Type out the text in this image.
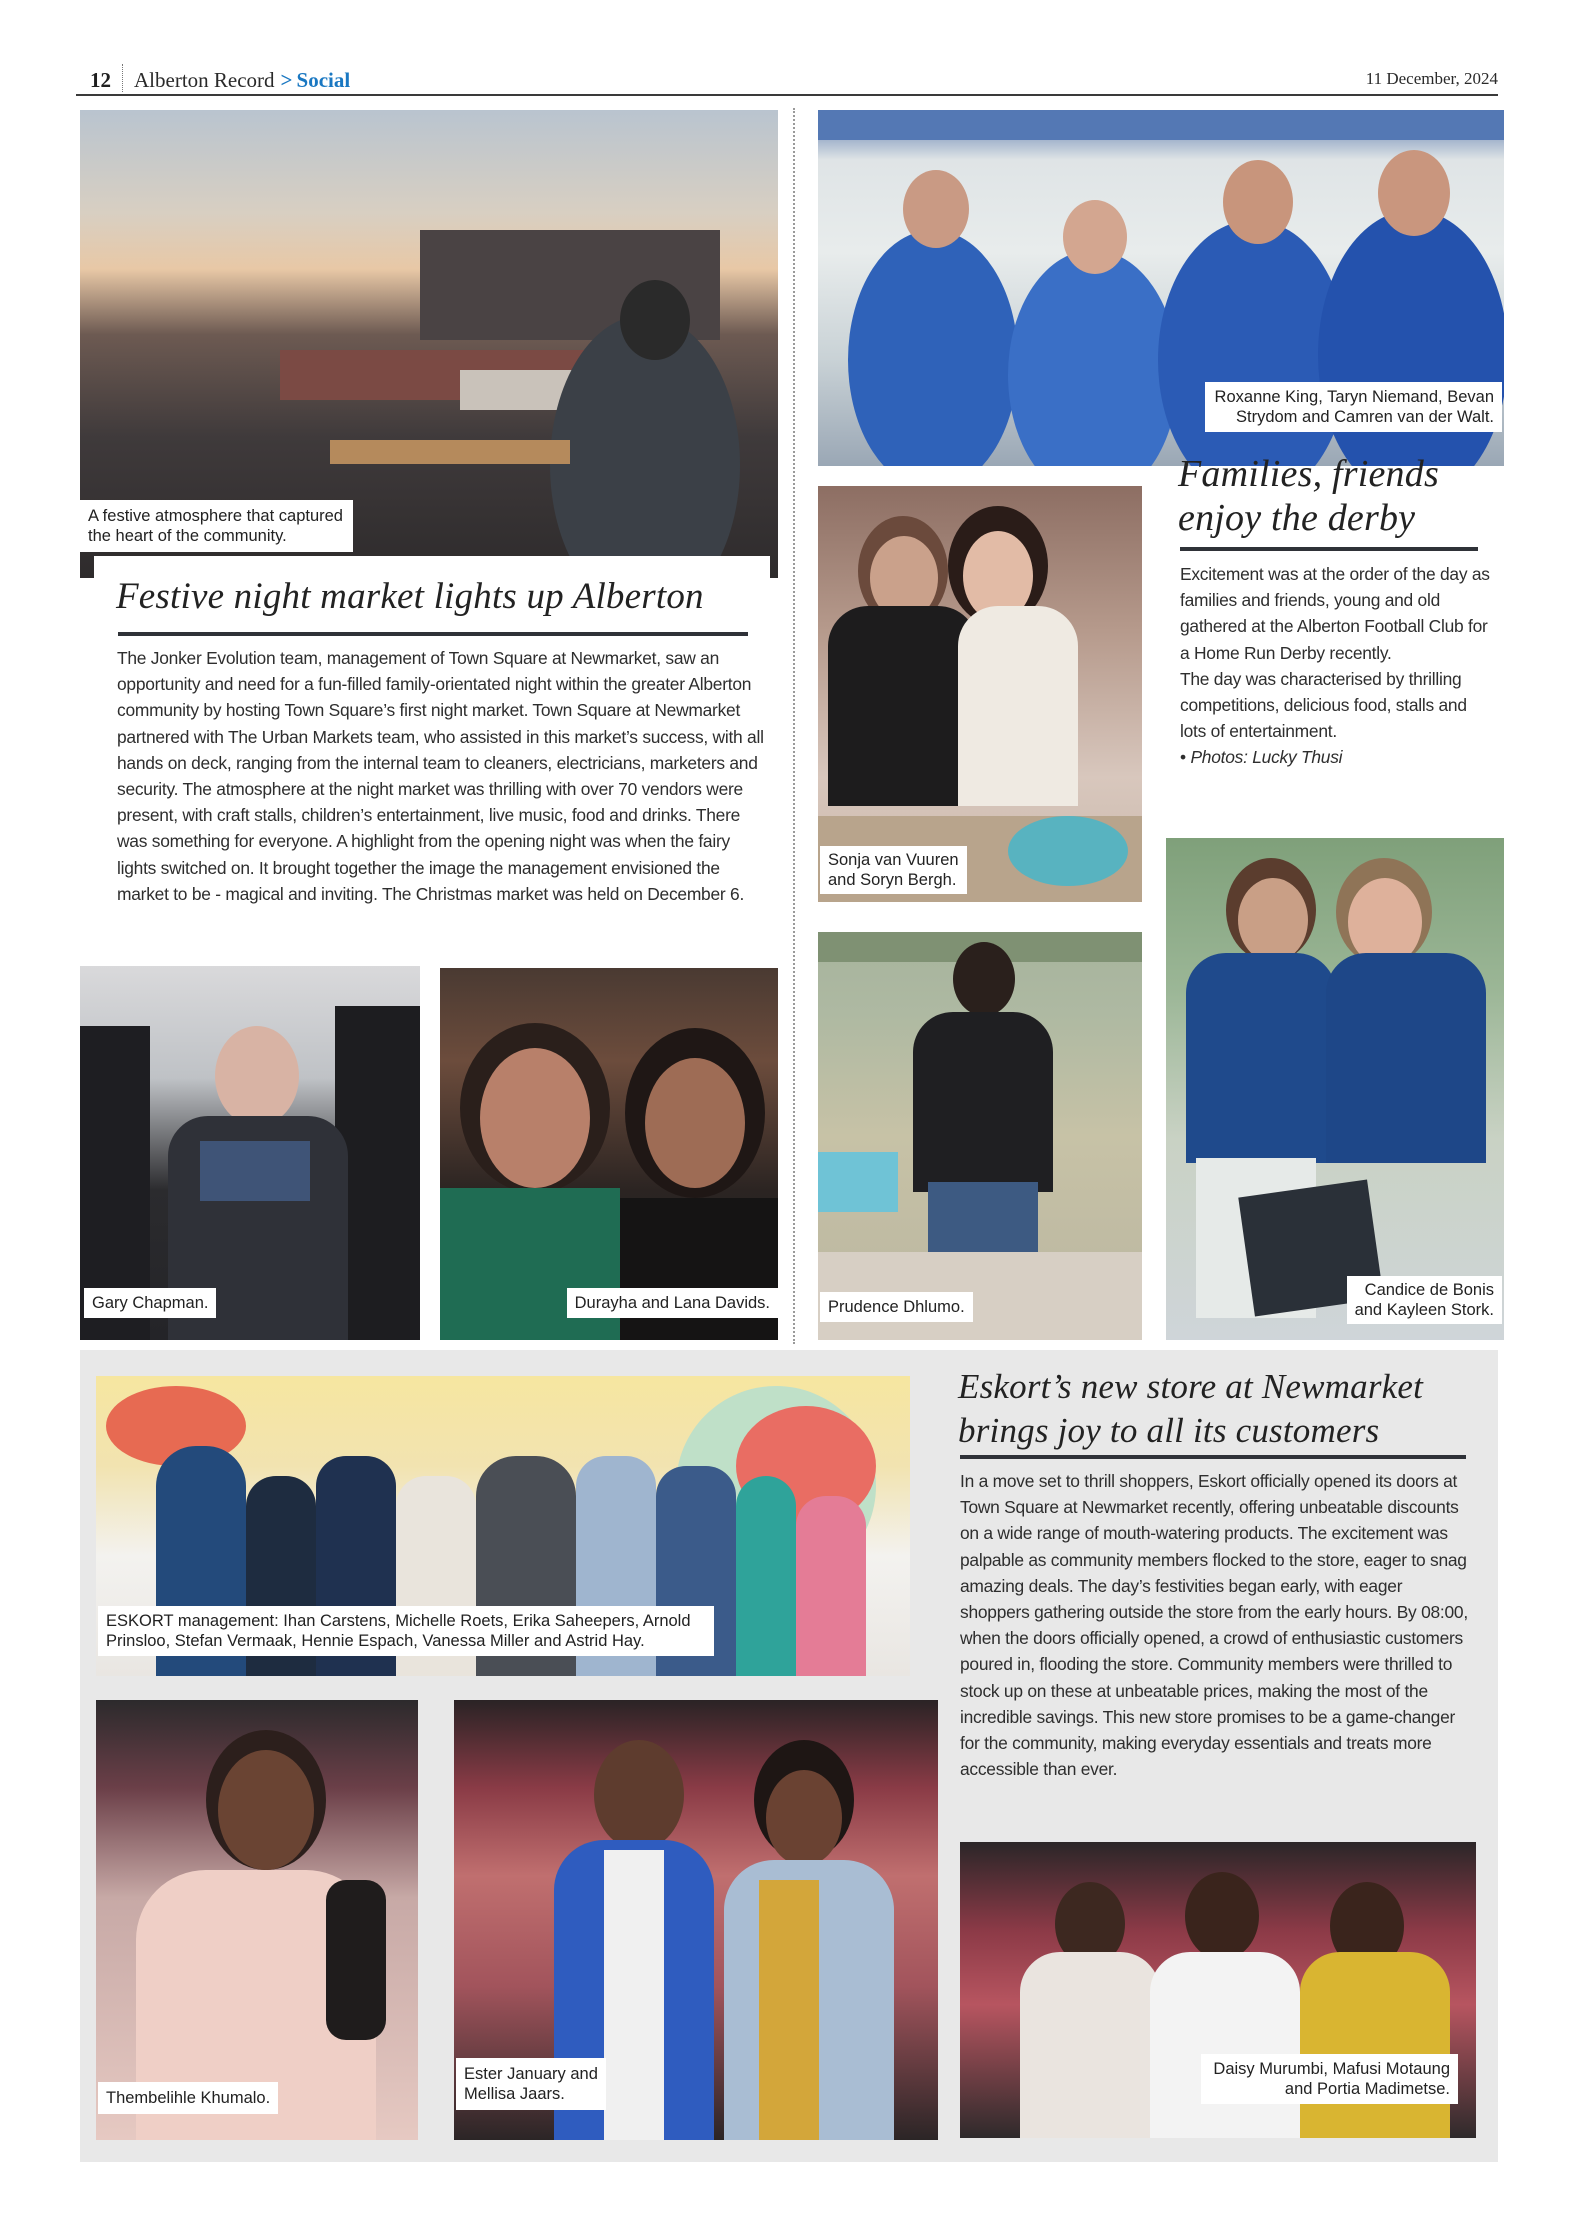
12 Alberton Record > Social	11 December, 2024
A festive atmosphere that captured
the heart of the community.
Festive night market lights up Alberton

The Jonker Evolution team, management of Town Square at Newmarket, saw an opportunity and need for a fun-filled family-orientated night within the greater Alberton community by hosting Town Square’s first night market. Town Square at Newmarket partnered with The Urban Markets team, who assisted in this market’s success, with all hands on deck, ranging from the internal team to cleaners, electricians, marketers and security. The atmosphere at the night market was thrilling with over 70 vendors were present, with craft stalls, children’s entertainment, live music, food and drinks. There was something for everyone. A highlight from the opening night was when the fairy lights switched on. It brought together the image the management envisioned the market to be - magical and inviting. The Christmas market was held on December 6.

Gary Chapman.	Durayha and Lana Davids.
Roxanne King, Taryn Niemand, Bevan
Strydom and Camren van der Walt.
Families, friends
enjoy the derby

Excitement was at the order of the day as families and friends, young and old gathered at the Alberton Football Club for a Home Run Derby recently.

The day was characterised by thrilling competitions, delicious food, stalls and lots of entertainment.

• Photos: Lucky Thusi

Sonja van Vuuren
and Soryn Bergh.
Prudence Dhlumo.
Candice de Bonis
and Kayleen Stork.
ESKORT management: Ihan Carstens, Michelle Roets, Erika Saheepers, Arnold
Prinsloo, Stefan Vermaak, Hennie Espach, Vanessa Miller and Astrid Hay.
Eskort’s new store at Newmarket
brings joy to all its customers

In a move set to thrill shoppers, Eskort officially opened its doors at Town Square at Newmarket recently, offering unbeatable discounts on a wide range of mouth-watering products. The excitement was palpable as community members flocked to the store, eager to snag amazing deals. The day’s festivities began early, with eager shoppers gathering outside the store from the early hours. By 08:00, when the doors officially opened, a crowd of enthusiastic customers poured in, flooding the store. Community members were thrilled to stock up on these at unbeatable prices, making the most of the incredible savings. This new store promises to be a game-changer for the community, making everyday essentials and treats more accessible than ever.

Thembelihle Khumalo.
Ester January and
Mellisa Jaars.
Daisy Murumbi, Mafusi Motaung
and Portia Madimetse.
